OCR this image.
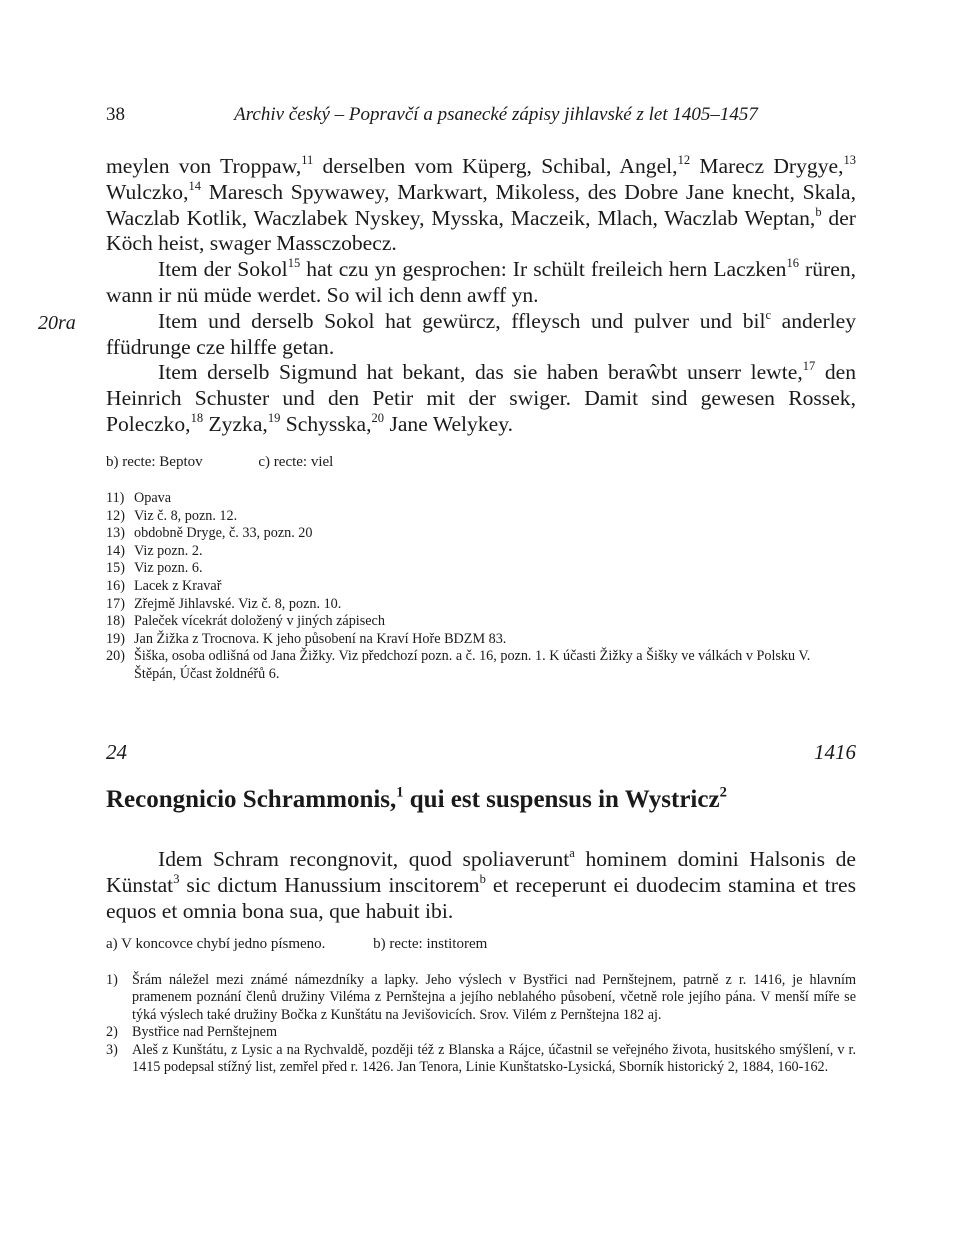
38	Archiv český – Popravčí a psanecké zápisy jihlavské z let 1405–1457
20ra

meylen von Troppaw,$^{11}$ derselben vom Küperg, Schibal, Angel,$^{12}$ Marecz Drygye,$^{13}$ Wulczko,$^{14}$ Maresch Spywawey, Markwart, Mikoless, des Dobre Jane knecht, Skala, Waczlab Kotlik, Waczlabek Nyskey, Mysska, Maczeik, Mlach, Waczlab Weptan,$^b$ der Köch heist, swager Massczobecz.

Item der Sokol$^{15}$ hat czu yn gesprochen: Ir schült freileich hern Laczken$^{16}$ rüren, wann ir nü müde werdet. So wil ich denn awff yn.

Item und derselb Sokol hat gewürcz, ffleysch und pulver und bil$^c$ anderley ffüdrunge cze hilffe getan.

Item derselb Sigmund hat bekant, das sie haben beraŵbt unserr lewte,$^{17}$ den Heinrich Schuster und den Petir mit der swiger. Damit sind gewesen Rossek, Poleczko,$^{18}$ Zyzka,$^{19}$ Schysska,$^{20}$ Jane Welykey.

b) recte: Beptov	c) recte: viel
11) Opava
12) Viz č. 8, pozn. 12.
13) obdobně Dryge, č. 33, pozn. 20
14) Viz pozn. 2.
15) Viz pozn. 6.
16) Lacek z Kravař
17) Zřejmě Jihlavské. Viz č. 8, pozn. 10.
18) Paleček vícekrát doložený v jiných zápisech
19) Jan Žižka z Trocnova. K jeho působení na Kraví Hoře BDZM 83.
20) Šiška, osoba odlišná od Jana Žižky. Viz předchozí pozn. a č. 16, pozn. 1. K účasti Žižky a Šišky ve válkách v Polsku V. Štěpán, Účast žoldnéřů 6.
24	1416
Recongnicio Schrammonis,$^1$ qui est suspensus in Wystricz$^2$

Idem Schram recongnovit, quod spoliaverunt$^a$ hominem domini Halsonis de Künstat$^3$ sic dictum Hanussium inscitorem$^b$ et receperunt ei duodecim stamina et tres equos et omnia bona sua, que habuit ibi.

a) V koncovce chybí jedno písmeno.	b) recte: institorem
1) Šrám náležel mezi známé námezdníky a lapky. Jeho výslech v Bystřici nad Pernštejnem, patrně z r. 1416, je hlavním pramenem poznání členů družiny Viléma z Pernštejna a jejího neblahého působení, včetně role jejího pána. V menší míře se týká výslech také družiny Bočka z Kunštátu na Jevišovicích. Srov. Vilém z Pernštejna 182 aj.
2) Bystřice nad Pernštejnem
3) Aleš z Kunštátu, z Lysic a na Rychvaldě, později též z Blanska a Rájce, účastnil se veřejného života, husitského smýšlení, v r. 1415 podepsal stížný list, zemřel před r. 1426. Jan Tenora, Linie Kunštatsko-Lysická, Sborník historický 2, 1884, 160-162.
